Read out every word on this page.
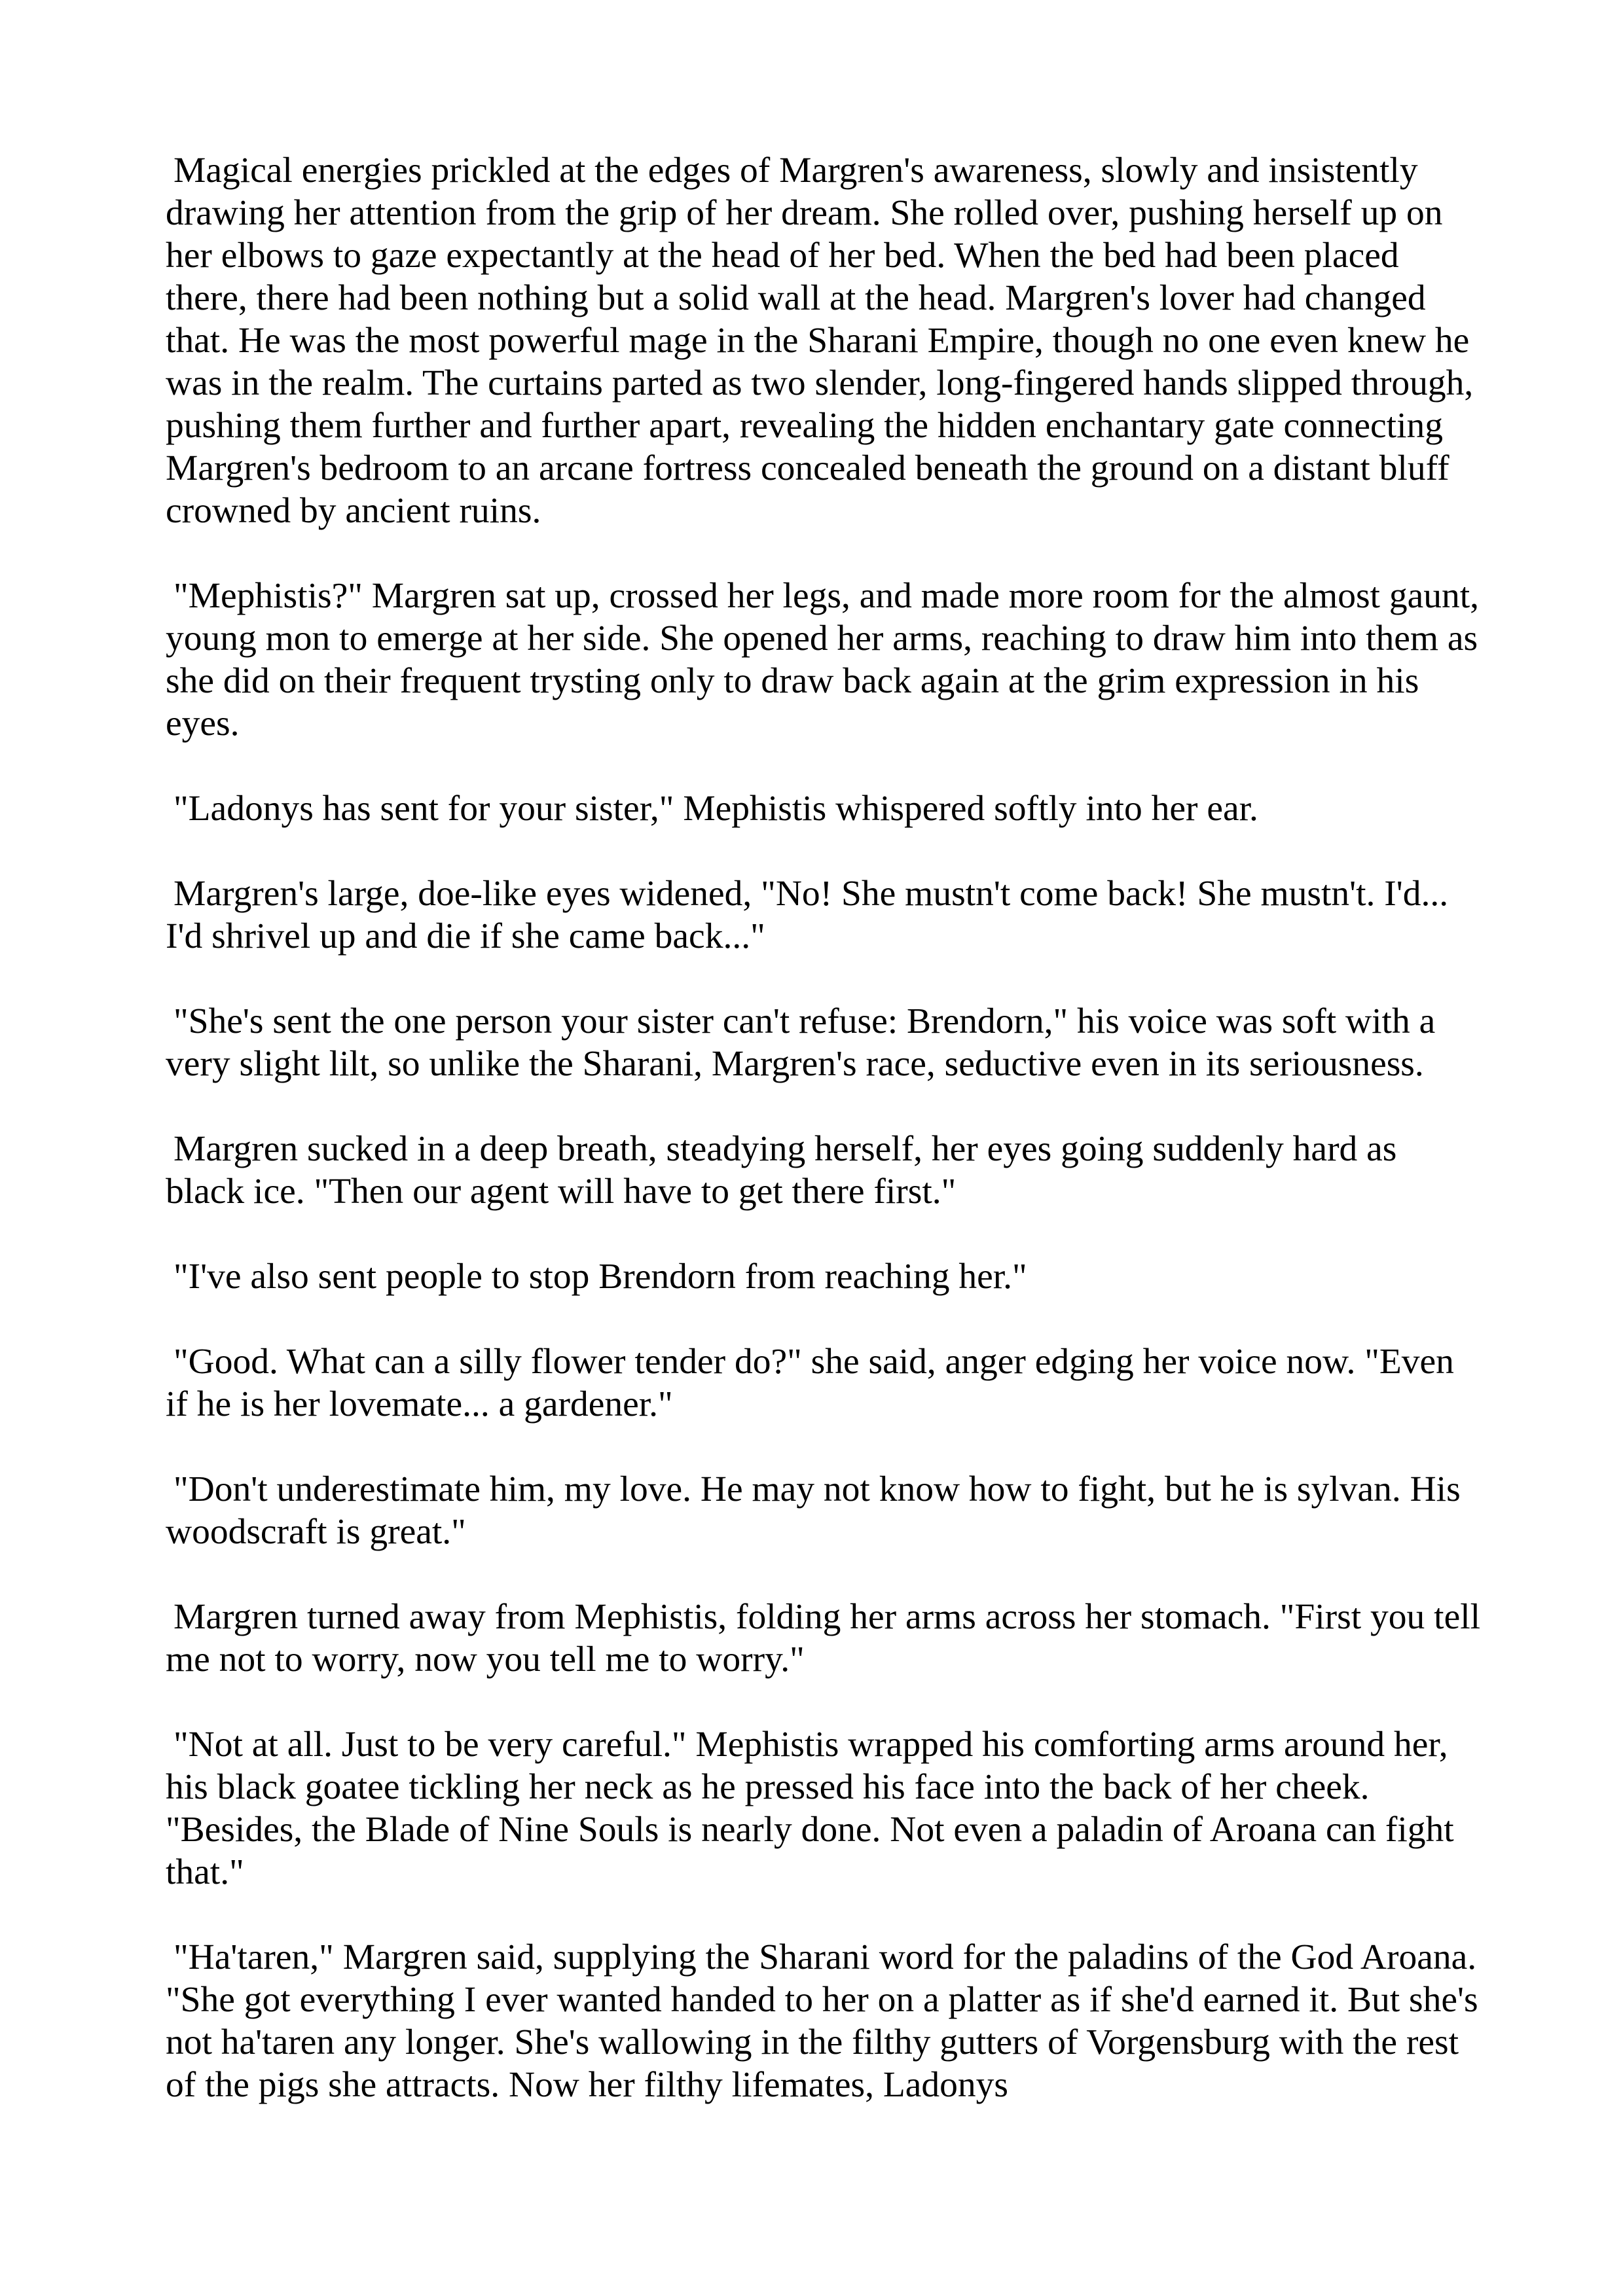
Magical energies prickled at the edges of Margren's awareness, slowly and insistently drawing her attention from the grip of her dream. She rolled over, pushing herself up on her elbows to gaze expectantly at the head of her bed. When the bed had been placed there, there had been nothing but a solid wall at the head. Margren's lover had changed that. He was the most powerful mage in the Sharani Empire, though no one even knew he was in the realm. The curtains parted as two slender, long-fingered hands slipped through, pushing them further and further apart, revealing the hidden enchantary gate connecting Margren's bedroom to an arcane fortress concealed beneath the ground on a distant bluff crowned by ancient ruins.

"Mephistis?" Margren sat up, crossed her legs, and made more room for the almost gaunt, young mon to emerge at her side. She opened her arms, reaching to draw him into them as she did on their frequent trysting only to draw back again at the grim expression in his eyes.

"Ladonys has sent for your sister," Mephistis whispered softly into her ear.

Margren's large, doe-like eyes widened, "No! She mustn't come back! She mustn't. I'd... I'd shrivel up and die if she came back..."

"She's sent the one person your sister can't refuse: Brendorn," his voice was soft with a very slight lilt, so unlike the Sharani, Margren's race, seductive even in its seriousness.

Margren sucked in a deep breath, steadying herself, her eyes going suddenly hard as black ice. "Then our agent will have to get there first."

"I've also sent people to stop Brendorn from reaching her."

"Good. What can a silly flower tender do?" she said, anger edging her voice now. "Even if he is her lovemate... a gardener."

"Don't underestimate him, my love. He may not know how to fight, but he is sylvan. His woodscraft is great."

Margren turned away from Mephistis, folding her arms across her stomach. "First you tell me not to worry, now you tell me to worry."

"Not at all. Just to be very careful." Mephistis wrapped his comforting arms around her, his black goatee tickling her neck as he pressed his face into the back of her cheek. "Besides, the Blade of Nine Souls is nearly done. Not even a paladin of Aroana can fight that."

"Ha'taren," Margren said, supplying the Sharani word for the paladins of the God Aroana. "She got everything I ever wanted handed to her on a platter as if she'd earned it. But she's not ha'taren any longer. She's wallowing in the filthy gutters of Vorgensburg with the rest of the pigs she attracts. Now her filthy lifemates, Ladonys
